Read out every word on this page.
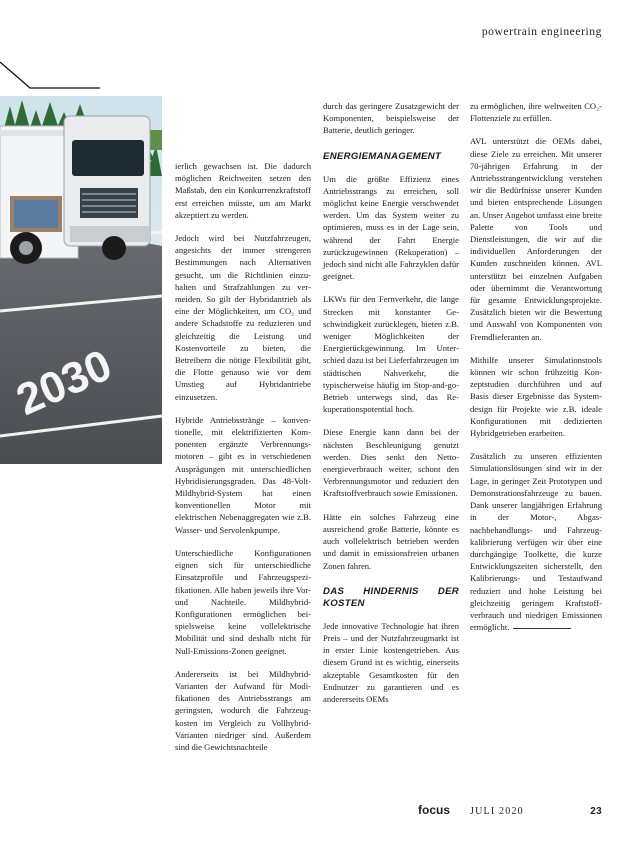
powertrain engineering
2030

ierlich gewachsen ist. Die dadurch möglichen Reichweiten setzen den Maßstab, den ein Konkurrenzkraftstoff erst erreichen müsste, um am Markt akzeptiert zu werden.

Jedoch wird bei Nutzfahrzeugen, angesichts der immer strengeren Bestimmungen nach Alternativen gesucht, um die Richtlinien einzuhalten und Strafzahlungen zu vermeiden. So gilt der Hybridantrieb als eine der Möglichkeiten, um CO₂ und andere Schadstoffe zu reduzieren und gleichzeitig die Leistung und Kostenvorteile zu bieten, die Betreibern die nötige Flexibilität gibt, die Flotte genauso wie vor dem Umstieg auf Hybridantriebe einzusetzen.

Hybride Antriebsstränge – konventionelle, mit elektrifizierten Komponenten ergänzte Verbrennungsmotoren – gibt es in verschiedenen Ausprägungen mit unterschiedlichen Hybridisierungsgraden. Das 48-Volt-Mildhybrid-System hat einen konventionellen Motor mit elektrischen Nebenaggregaten wie z.B. Wasser- und Servolenkpumpe.

Unterschiedliche Konfigurationen eignen sich für unterschiedliche Einsatzprofile und Fahrzeugspezifikationen. Alle haben jeweils ihre Vor- und Nachteile. Mildhybrid-Konfigurationen ermöglichen beispielsweise keine vollelektrische Mobilität und sind deshalb nicht für Null-Emissions-Zonen geeignet.

Andererseits ist bei Mildhybrid-Varianten der Aufwand für Modifikationen des Antriebsstrangs am geringsten, wodurch die Fahrzeugkosten im Vergleich zu Vollhybrid-Varianten niedriger sind. Außerdem sind die Gewichtsnachteile

durch das geringere Zusatzgewicht der Komponenten, beispielsweise der Batterie, deutlich geringer.

ENERGIEMANAGEMENT

Um die größte Effizienz eines Antriebsstrangs zu erreichen, soll möglichst keine Energie verschwendet werden. Um das System weiter zu optimieren, muss es in der Lage sein, während der Fahrt Energie zurückzugewinnen (Rekuperation) – jedoch sind nicht alle Fahrzyklen dafür geeignet.

LKWs für den Fernverkehr, die lange Strecken mit konstanter Geschwindigkeit zurücklegen, bieten z.B. weniger Möglichkeiten der Energierückgewinnung. Im Unterschied dazu ist bei Lieferfahrzeugen im städtischen Nahverkehr, die typischerweise häufig im Stop-and-go-Betrieb unterwegs sind, das Rekuperationspotential hoch.

Diese Energie kann dann bei der nächsten Beschleunigung genutzt werden. Dies senkt den Nettoenergieverbrauch weiter, schont den Verbrennungsmotor und reduziert den Kraftstoffverbrauch sowie Emissionen.

Hätte ein solches Fahrzeug eine ausreichend große Batterie, könnte es auch vollelektrisch betrieben werden und damit in emissionsfreien urbanen Zonen fahren.

DAS HINDERNIS DER KOSTEN

Jede innovative Technologie hat ihren Preis – und der Nutzfahrzeugmarkt ist in erster Linie kostengetrieben. Aus diesem Grund ist es wichtig, einerseits akzeptable Gesamtkosten für den Endnutzer zu garantieren und es andererseits OEMs

zu ermöglichen, ihre weltweiten CO₂-Flottenziele zu erfüllen.

AVL unterstützt die OEMs dabei, diese Ziele zu erreichen. Mit unserer 70-jährigen Erfahrung in der Antriebsstrangentwicklung verstehen wir die Bedürfnisse unserer Kunden und bieten entsprechende Lösungen an. Unser Angebot umfasst eine breite Palette von Tools und Dienstleistungen, die wir auf die individuellen Anforderungen der Kunden zuschneiden können. AVL unterstützt bei einzelnen Aufgaben oder übernimmt die Verantwortung für gesamte Entwicklungsprojekte. Zusätzlich bieten wir die Bewertung und Auswahl von Komponenten von Fremdlieferanten an.

Mithilfe unserer Simulationstools können wir schon frühzeitig Konzeptstudien durchführen und auf Basis dieser Ergebnisse das Systemdesign für Projekte wie z.B. ideale Konfigurationen mit dedizierten Hybridgetrieben erarbeiten.

Zusätzlich zu unseren effizienten Simulationslösungen sind wir in der Lage, in geringer Zeit Prototypen und Demonstrationsfahrzeuge zu bauen. Dank unserer langjährigen Erfahrung in der Motor-, Abgasnachbehandlungs- und Fahrzeugkalibrierung verfügen wir über eine durchgängige Toolkette, die kurze Entwicklungszeiten sicherstellt, den Kalibrierungs- und Testaufwand reduziert und hohe Leistung bei gleichzeitig geringem Kraftstoffverbrauch und niedrigen Emissionen ermöglicht.

focus JULI 2020	23
